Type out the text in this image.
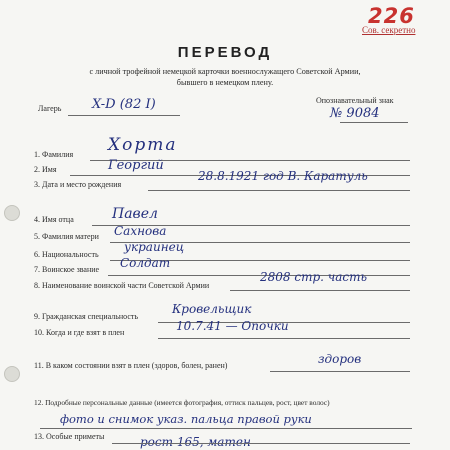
226
Сов. секретно
ПЕРЕВОД
с личной трофейной немецкой карточки военнослужащего Советской Армии,
бывшего в немецком плену.
Лагерь X-D (82 I)	Опознавательный знак
№ 9084
1. Фамилия Хорта
2. Имя	Георгий
3. Дата и место рождения
28.8.1921 год В. Каратуль
4. Имя отца	Павел
5. Фамилия матери Сахнова
6. Национальность
украинец
7. Воинское звание Солдат
8. Наименование воинской части Советской Армии
2808 стр. часть
9. Гражданская специальность
Кровельщик
10. Когда и где взят в плен	10.7.41 — Опочки
11. В каком состоянии взят в плен (здоров, болен, ранен)	здоров
12. Подробные персональные данные (имеется фотография, оттиск пальцев, рост, цвет волос)
фото и снимок указ. пальца правой руки
13. Особые приметы	рост 165, матен
